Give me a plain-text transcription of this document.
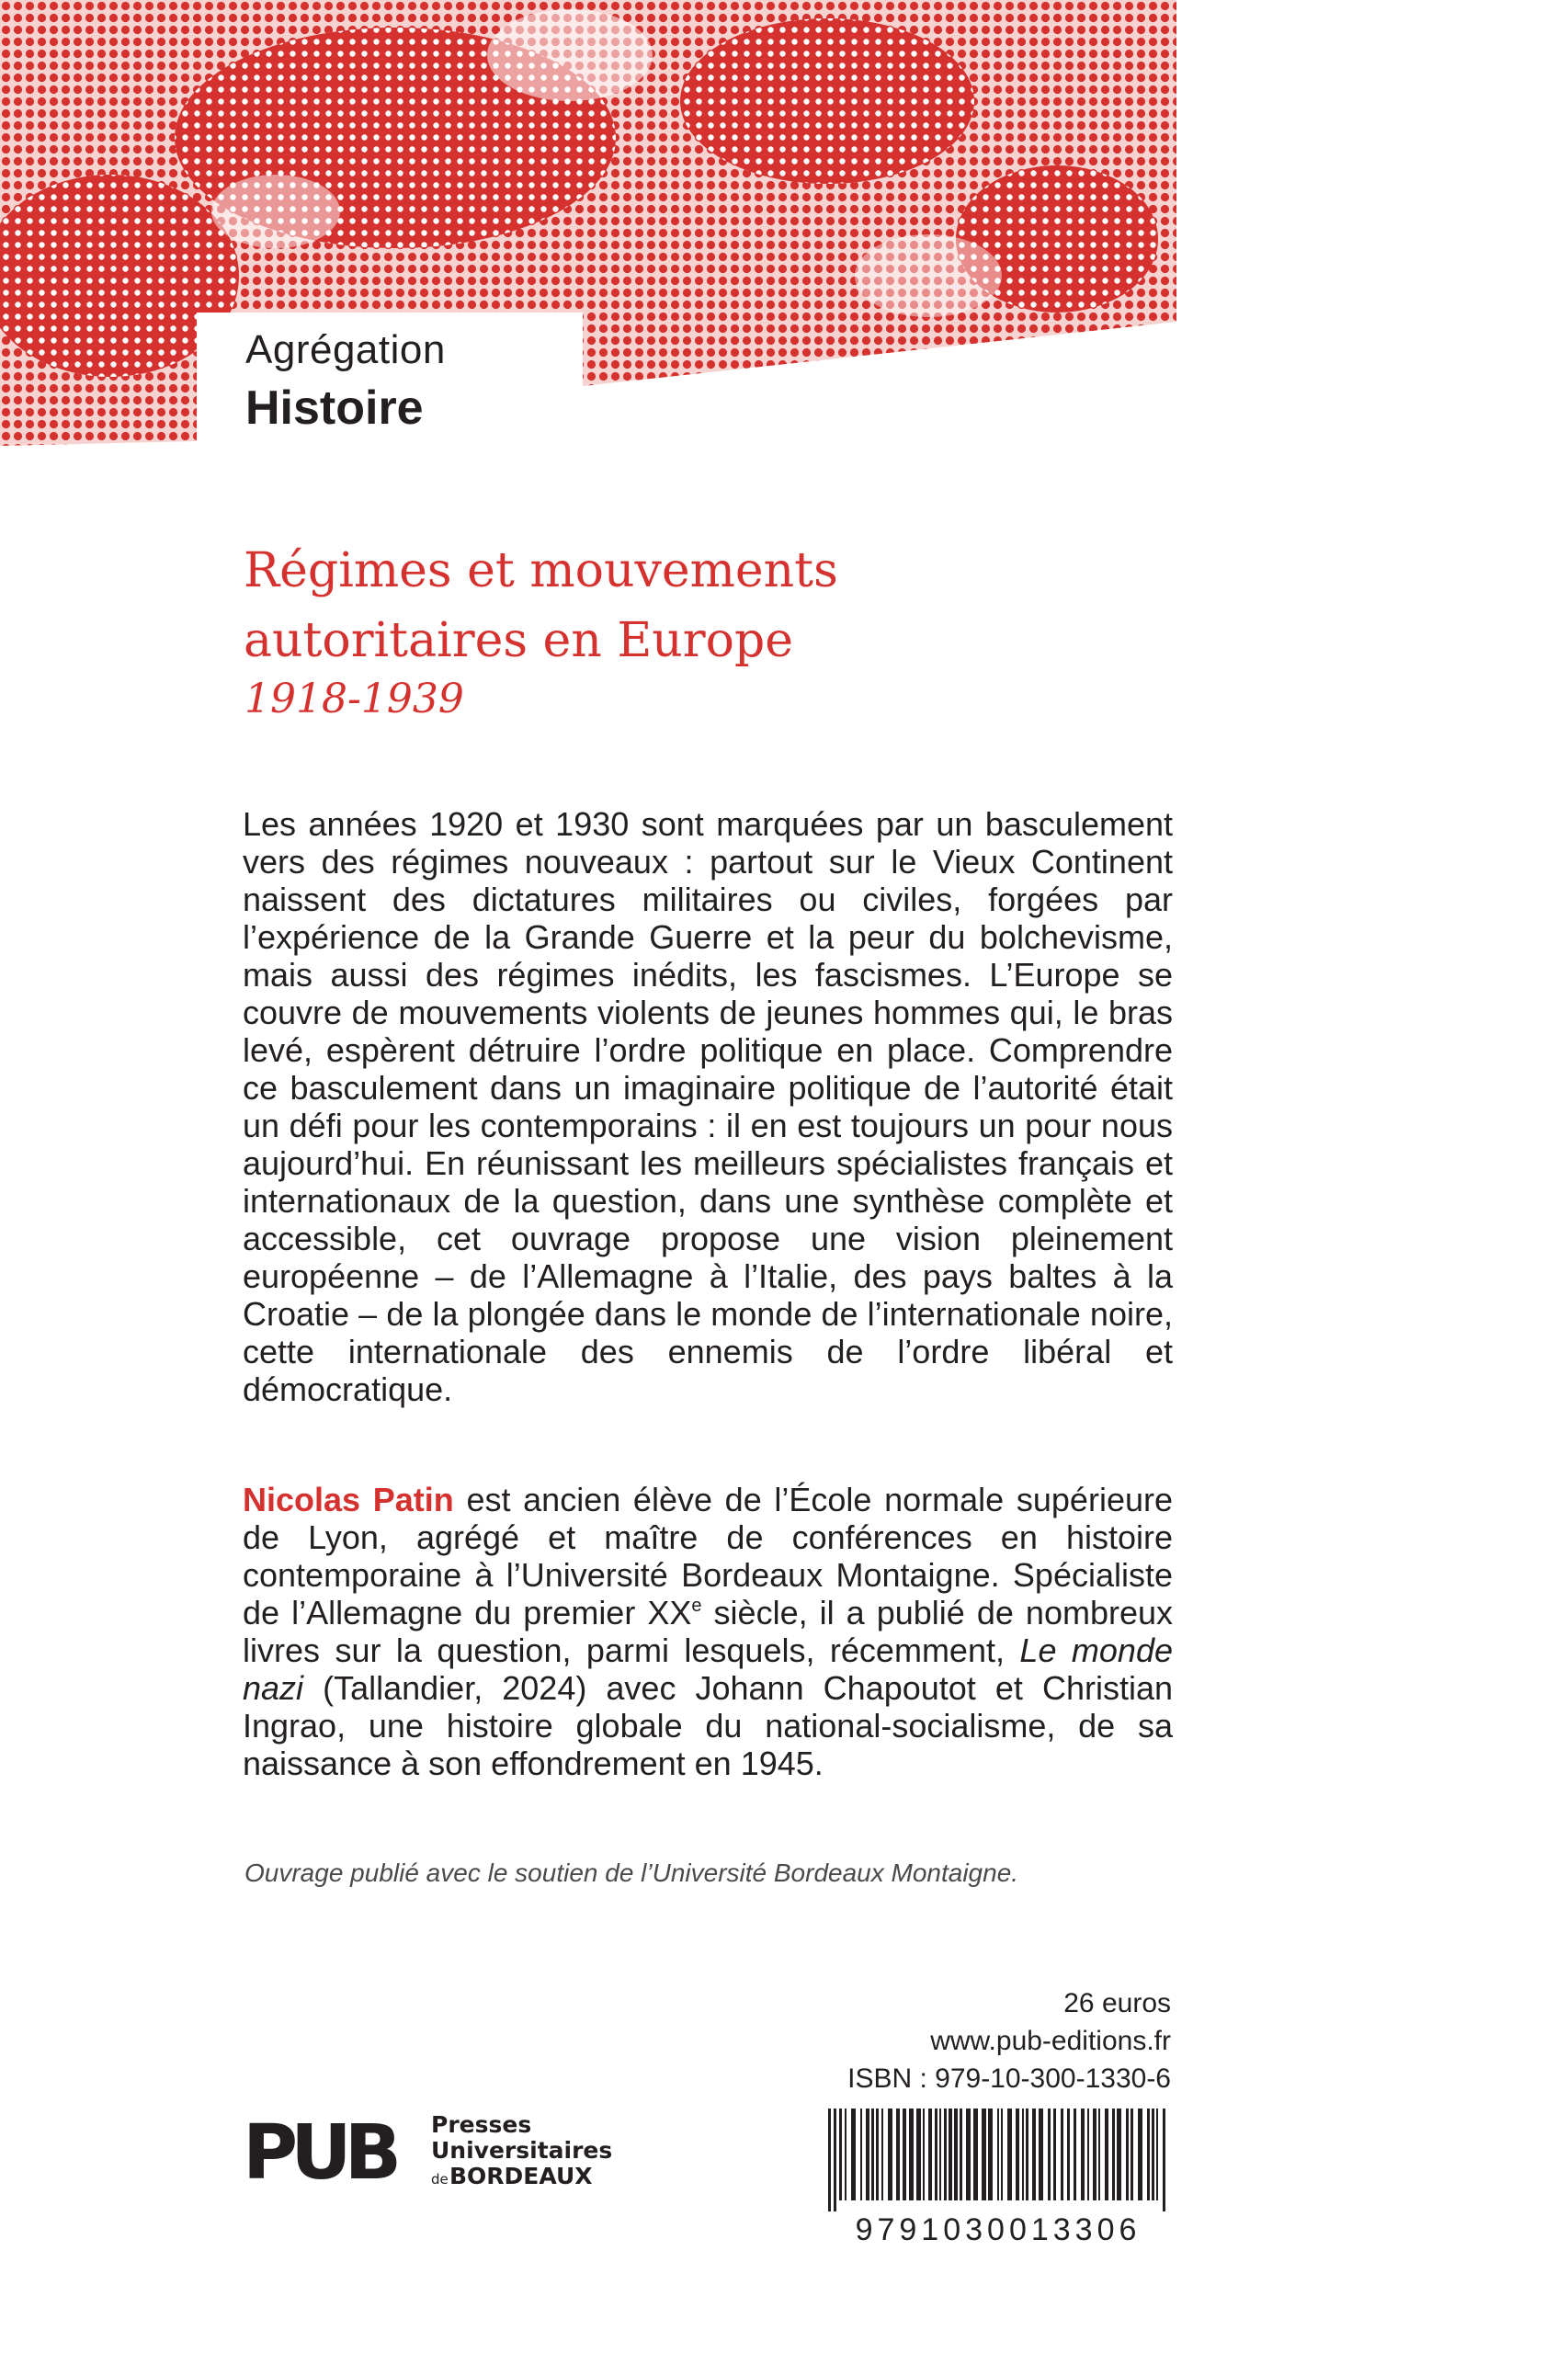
Agrégation
Histoire
Régimes et mouvements
autoritaires en Europe
1918-1939
Les années 1920 et 1930 sont marquées par un basculement vers des régimes nouveaux : partout sur le Vieux Continent naissent des dictatures militaires ou civiles, forgées par l’expérience de la Grande Guerre et la peur du bolchevisme, mais aussi des régimes inédits, les fascismes. L’Europe se couvre de mouvements violents de jeunes hommes qui, le bras levé, espèrent détruire l’ordre politique en place. Comprendre ce basculement dans un imaginaire politique de l’autorité était un défi pour les contemporains : il en est toujours un pour nous aujourd’hui. En réunissant les meilleurs spécialistes français et internationaux de la question, dans une synthèse complète et accessible, cet ouvrage propose une vision pleinement européenne – de l’Allemagne à l’Italie, des pays baltes à la Croatie – de la plongée dans le monde de l’internationale noire, cette internationale des ennemis de l’ordre libéral et démocratique.
Nicolas Patin est ancien élève de l’École normale supérieure de Lyon, agrégé et maître de conférences en histoire contemporaine à l’Université Bordeaux Montaigne. Spécialiste de l’Allemagne du premier XXe siècle, il a publié de nombreux livres sur la question, parmi lesquels, récemment, Le monde nazi (Tallandier, 2024) avec Johann Chapoutot et Christian Ingrao, une histoire globale du national-socialisme, de sa naissance à son effondrement en 1945.
Ouvrage publié avec le soutien de l’Université Bordeaux Montaigne.
26 euros
www.pub-editions.fr
ISBN : 979-10-300-1330-6
PUB Presses
Universitaires
de BORDEAUX
9791030013306
